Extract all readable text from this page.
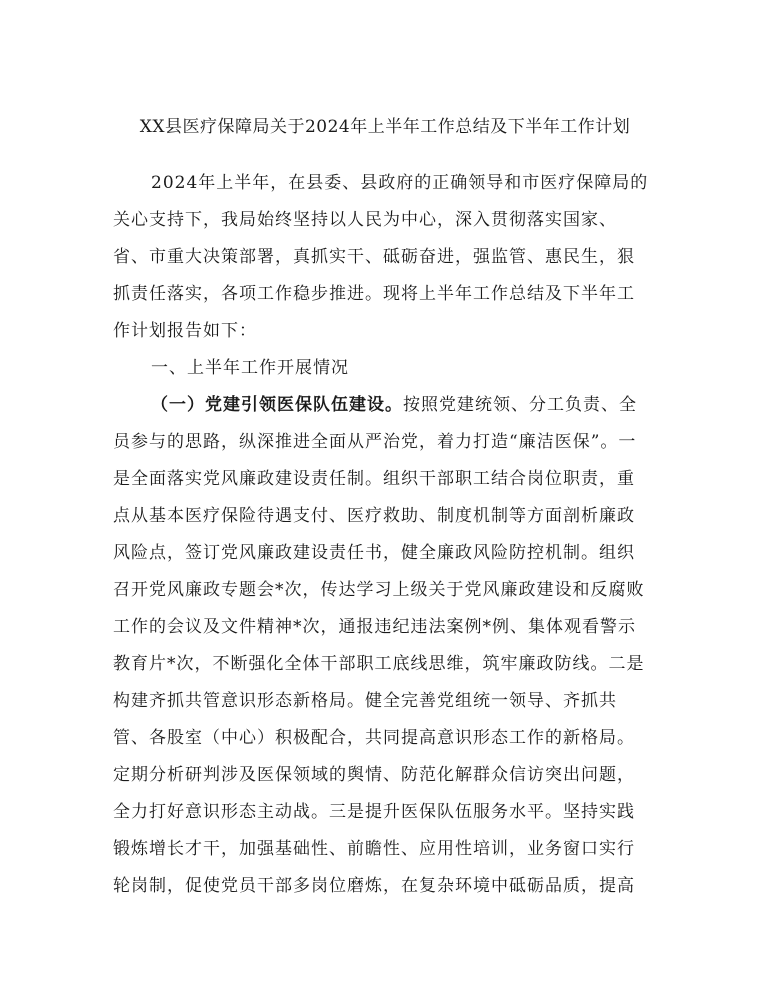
XX县医疗保障局关于2024年上半年工作总结及下半年工作计划
2024年上半年，在县委、县政府的正确领导和市医疗保障局的
关心支持下，我局始终坚持以人民为中心，深入贯彻落实国家、
省、市重大决策部署，真抓实干、砥砺奋进，强监管、惠民生，狠
抓责任落实，各项工作稳步推进。现将上半年工作总结及下半年工
作计划报告如下：
一、上半年工作开展情况
（一）党建引领医保队伍建设。按照党建统领、分工负责、全
员参与的思路，纵深推进全面从严治党，着力打造“廉洁医保”。一
是全面落实党风廉政建设责任制。组织干部职工结合岗位职责，重
点从基本医疗保险待遇支付、医疗救助、制度机制等方面剖析廉政
风险点，签订党风廉政建设责任书，健全廉政风险防控机制。组织
召开党风廉政专题会*次，传达学习上级关于党风廉政建设和反腐败
工作的会议及文件精神*次，通报违纪违法案例*例、集体观看警示
教育片*次，不断强化全体干部职工底线思维，筑牢廉政防线。二是
构建齐抓共管意识形态新格局。健全完善党组统一领导、齐抓共
管、各股室（中心）积极配合，共同提高意识形态工作的新格局。
定期分析研判涉及医保领域的舆情、防范化解群众信访突出问题，
全力打好意识形态主动战。三是提升医保队伍服务水平。坚持实践
锻炼增长才干，加强基础性、前瞻性、应用性培训，业务窗口实行
轮岗制，促使党员干部多岗位磨炼，在复杂环境中砥砺品质，提高
